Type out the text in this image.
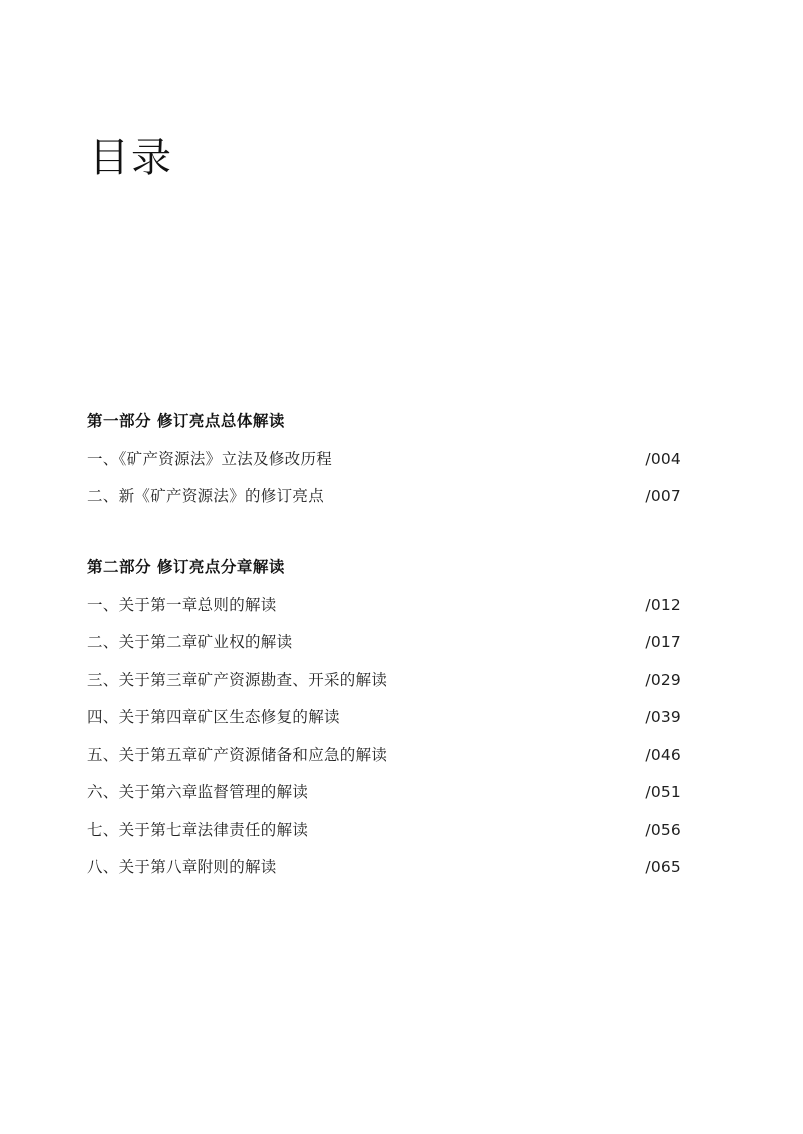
目录
第一部分 修订亮点总体解读
一、《矿产资源法》立法及修改历程	/004
二、新《矿产资源法》的修订亮点	/007
第二部分 修订亮点分章解读
一、关于第一章总则的解读	/012
二、关于第二章矿业权的解读	/017
三、关于第三章矿产资源勘查、开采的解读	/029
四、关于第四章矿区生态修复的解读	/039
五、关于第五章矿产资源储备和应急的解读	/046
六、关于第六章监督管理的解读	/051
七、关于第七章法律责任的解读	/056
八、关于第八章附则的解读	/065
